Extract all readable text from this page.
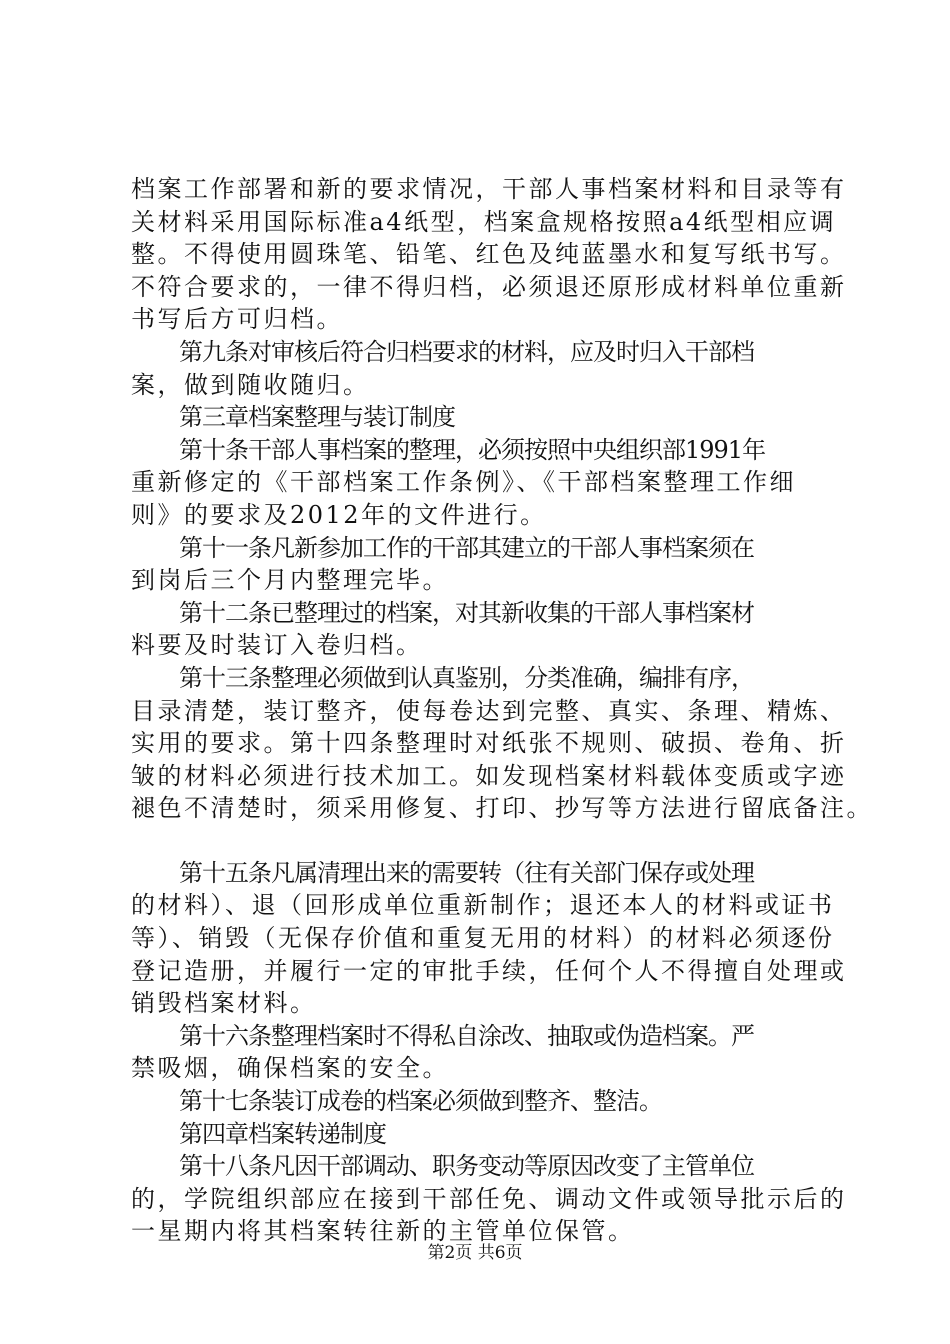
档案工作部署和新的要求情况，干部人事档案材料和目录等有
关材料采用国际标准a4纸型，档案盒规格按照a4纸型相应调
整。不得使用圆珠笔、铅笔、红色及纯蓝墨水和复写纸书写。
不符合要求的，一律不得归档，必须退还原形成材料单位重新
书写后方可归档。
第九条对审核后符合归档要求的材料，应及时归入干部档
案，做到随收随归。
第三章档案整理与装订制度
第十条干部人事档案的整理，必须按照中央组织部1991年
重新修定的《干部档案工作条例》、《干部档案整理工作细
则》的要求及2012年的文件进行。
第十一条凡新参加工作的干部其建立的干部人事档案须在
到岗后三个月内整理完毕。
第十二条已整理过的档案，对其新收集的干部人事档案材
料要及时装订入卷归档。
第十三条整理必须做到认真鉴别，分类准确，编排有序，
目录清楚，装订整齐，使每卷达到完整、真实、条理、精炼、
实用的要求。第十四条整理时对纸张不规则、破损、卷角、折
皱的材料必须进行技术加工。如发现档案材料载体变质或字迹
褪色不清楚时，须采用修复、打印、抄写等方法进行留底备注。
第十五条凡属清理出来的需要转（往有关部门保存或处理
的材料）、退（回形成单位重新制作；退还本人的材料或证书
等）、销毁（无保存价值和重复无用的材料）的材料必须逐份
登记造册，并履行一定的审批手续，任何个人不得擅自处理或
销毁档案材料。
第十六条整理档案时不得私自涂改、抽取或伪造档案。严
禁吸烟，确保档案的安全。
第十七条装订成卷的档案必须做到整齐、整洁。
第四章档案转递制度
第十八条凡因干部调动、职务变动等原因改变了主管单位
的，学院组织部应在接到干部任免、调动文件或领导批示后的
一星期内将其档案转往新的主管单位保管。
第2页 共6页
